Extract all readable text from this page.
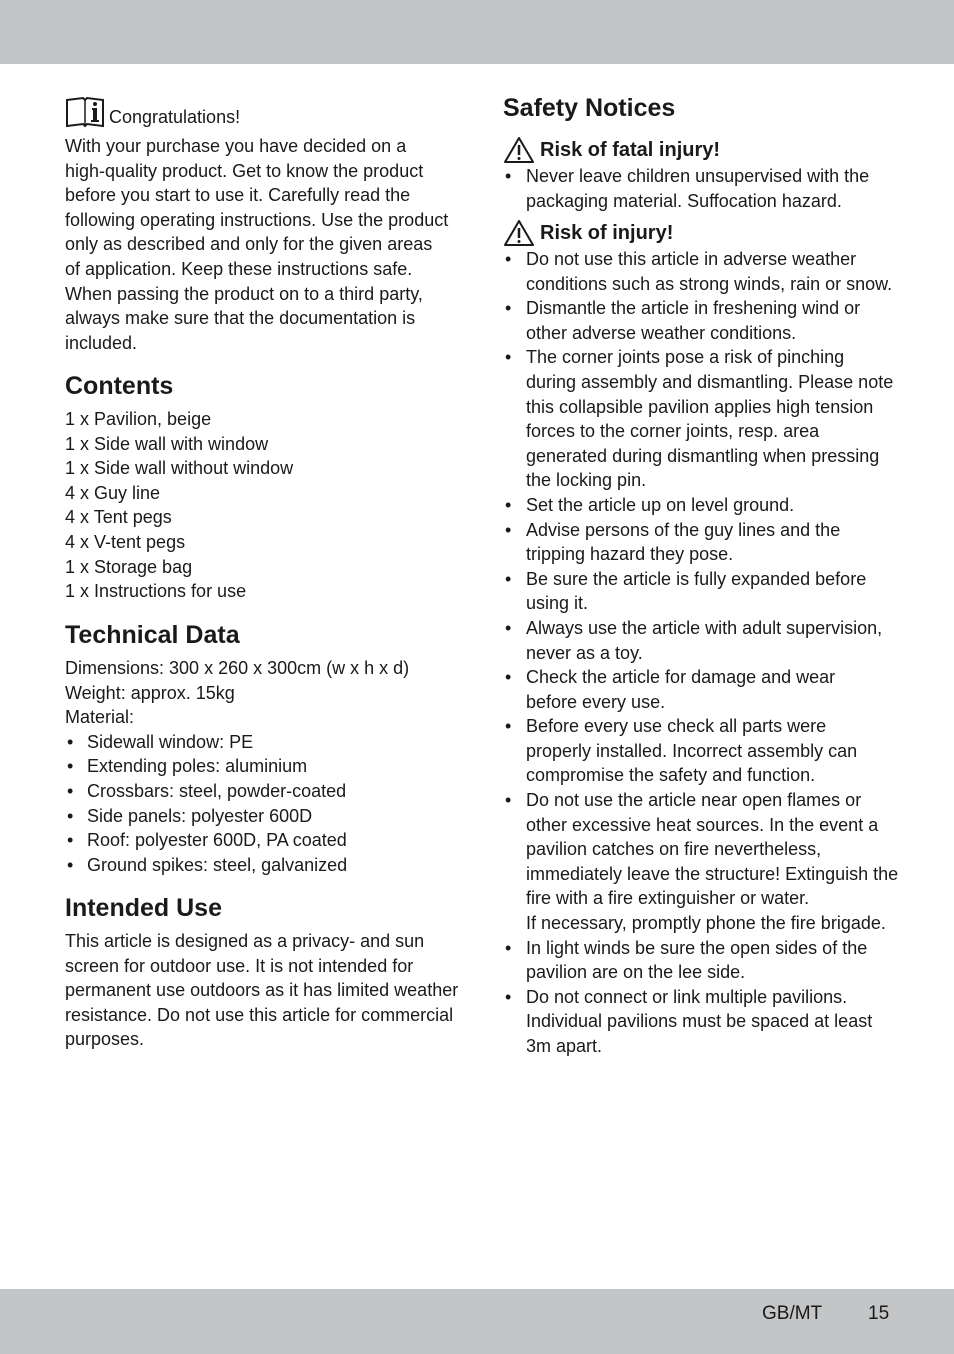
Congratulations!
With your purchase you have decided on a
high-quality product. Get to know the product
before you start to use it. Carefully read the
following operating instructions. Use the product
only as described and only for the given areas
of application. Keep these instructions safe.
When passing the product on to a third party,
always make sure that the documentation is
included.
Contents
1 x Pavilion, beige
1 x Side wall with window
1 x Side wall without window
4 x Guy line
4 x Tent pegs
4 x V-tent pegs
1 x Storage bag
1 x Instructions for use
Technical Data
Dimensions: 300 x 260 x 300cm (w x h x d)
Weight: approx. 15kg
Material:
• Sidewall window: PE
• Extending poles: aluminium
• Crossbars: steel, powder-coated
• Side panels: polyester 600D
• Roof: polyester 600D, PA coated
• Ground spikes: steel, galvanized
Intended Use
This article is designed as a privacy- and sun
screen for outdoor use. It is not intended for
permanent use outdoors as it has limited weather
resistance. Do not use this article for commercial
purposes.
Safety Notices
Risk of fatal injury!
• Never leave children unsupervised with the
packaging material. Suffocation hazard.
Risk of injury!
• Do not use this article in adverse weather
conditions such as strong winds, rain or snow.
• Dismantle the article in freshening wind or
other adverse weather conditions.
• The corner joints pose a risk of pinching
during assembly and dismantling. Please note
this collapsible pavilion applies high tension
forces to the corner joints, resp. area
generated during dismantling when pressing
the locking pin.
• Set the article up on level ground.
• Advise persons of the guy lines and the
tripping hazard they pose.
• Be sure the article is fully expanded before
using it.
• Always use the article with adult supervision,
never as a toy.
• Check the article for damage and wear
before every use.
• Before every use check all parts were
properly installed. Incorrect assembly can
compromise the safety and function.
• Do not use the article near open flames or
other excessive heat sources. In the event a
pavilion catches on fire nevertheless,
immediately leave the structure! Extinguish the
fire with a fire extinguisher or water.
If necessary, promptly phone the fire brigade.
• In light winds be sure the open sides of the
pavilion are on the lee side.
• Do not connect or link multiple pavilions.
Individual pavilions must be spaced at least
3m apart.
GB/MT 15
